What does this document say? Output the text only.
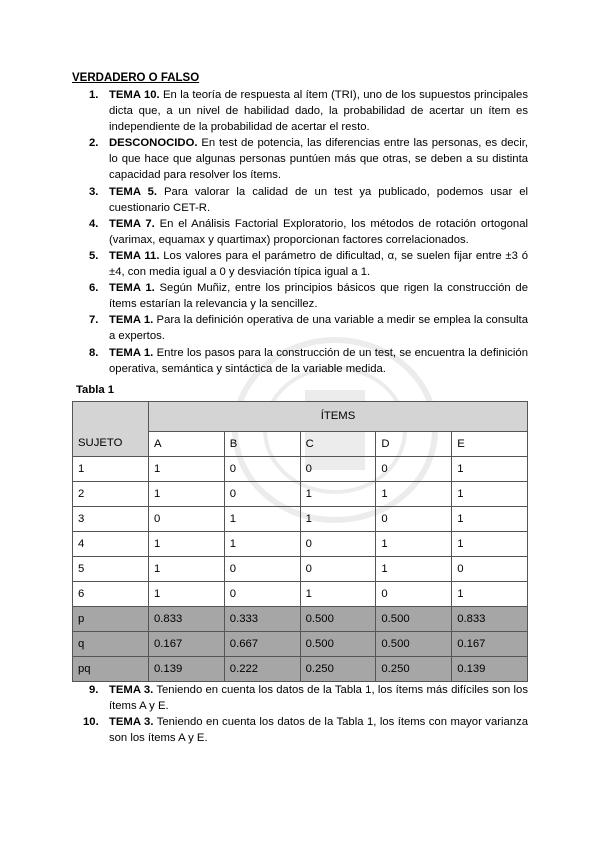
VERDADERO O FALSO
1. TEMA 10. En la teoría de respuesta al ítem (TRI), uno de los supuestos principales dicta que, a un nivel de habilidad dado, la probabilidad de acertar un ítem es independiente de la probabilidad de acertar el resto.
2. DESCONOCIDO. En test de potencia, las diferencias entre las personas, es decir, lo que hace que algunas personas puntúen más que otras, se deben a su distinta capacidad para resolver los ítems.
3. TEMA 5. Para valorar la calidad de un test ya publicado, podemos usar el cuestionario CET-R.
4. TEMA 7. En el Análisis Factorial Exploratorio, los métodos de rotación ortogonal (varimax, equamax y quartimax) proporcionan factores correlacionados.
5. TEMA 11. Los valores para el parámetro de dificultad, α, se suelen fijar entre ±3 ó ±4, con media igual a 0 y desviación típica igual a 1.
6. TEMA 1. Según Muñiz, entre los principios básicos que rigen la construcción de ítems estarían la relevancia y la sencillez.
7. TEMA 1. Para la definición operativa de una variable a medir se emplea la consulta a expertos.
8. TEMA 1. Entre los pasos para la construcción de un test, se encuentra la definición operativa, semántica y sintáctica de la variable medida.
Tabla 1
SUJETO	ÍTEMS				
	A	B	C	D	E
1	1	0	0	0	1
2	1	0	1	1	1
3	0	1	1	0	1
4	1	1	0	1	1
5	1	0	0	1	0
6	1	0	1	0	1
p	0.833	0.333	0.500	0.500	0.833
q	0.167	0.667	0.500	0.500	0.167
pq	0.139	0.222	0.250	0.250	0.139
9. TEMA 3. Teniendo en cuenta los datos de la Tabla 1, los ítems más difíciles son los ítems A y E.
10. TEMA 3. Teniendo en cuenta los datos de la Tabla 1, los ítems con mayor varianza son los ítems A y E.
